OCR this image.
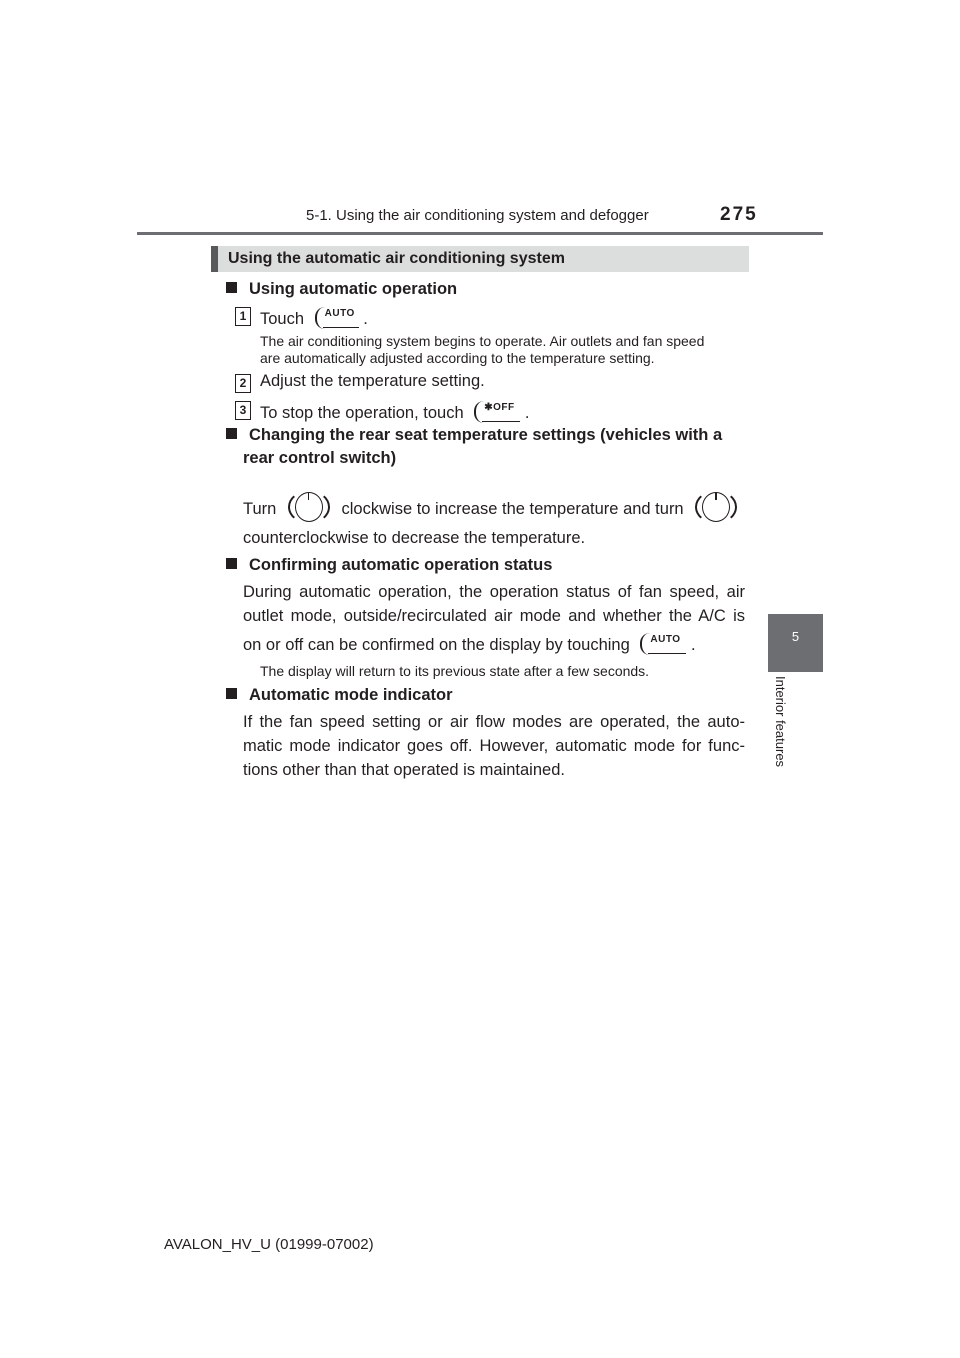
5-1. Using the air conditioning system and defogger	275
5
Interior features
Using the automatic air conditioning system
Using automatic operation
1 Touch AUTO .
The air conditioning system begins to operate. Air outlets and fan speed
are automatically adjusted according to the temperature setting.
2 Adjust the temperature setting.
3 To stop the operation, touch ✱OFF .
Changing the rear seat temperature settings (vehicles with a
rear control switch)
Turn	clockwise to increase the temperature and turn
counterclockwise to decrease the temperature.
Confirming automatic operation status
During automatic operation, the operation status of fan speed, air
outlet mode, outside/recirculated air mode and whether the A/C is
on or off can be confirmed on the display by touching AUTO .
The display will return to its previous state after a few seconds.
Automatic mode indicator
If the fan speed setting or air flow modes are operated, the auto-
matic mode indicator goes off. However, automatic mode for func-
tions other than that operated is maintained.
AVALON_HV_U (01999-07002)
